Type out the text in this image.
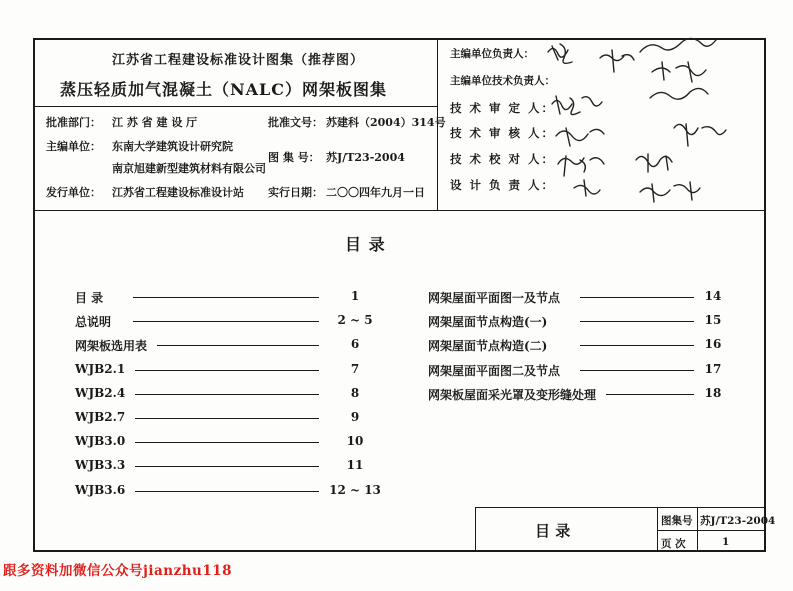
江苏省工程建设标准设计图集（推荐图）
蒸压轻质加气混凝土（NALC）网架板图集
批准部门： 江 苏 省 建 设 厅	批准文号： 苏建科（2004）314号
主编单位： 东南大学建筑设计研究院
南京旭建新型建筑材料有限公司
图 集 号： 苏J/T23-2004
发行单位： 江苏省工程建设标准设计站 实行日期： 二〇〇四年九月一日
主编单位负责人：
主编单位技术负责人：
技 术 审 定 人：
技 术 审 核 人：
技 术 校 对 人：
设 计 负 责 人：
目 录
目 录	1
总说明	2 ~ 5
网架板选用表	6
WJB2.1	7
WJB2.4	8
WJB2.7	9
WJB3.0	10
WJB3.3	11
WJB3.6	12 ~ 13
网架屋面平面图一及节点	14
网架屋面节点构造(一)	15
网架屋面节点构造(二)	16
网架屋面平面图二及节点	17
网架板屋面采光罩及变形缝处理	18
目 录
图集号 苏J/T23-2004
页 次	1
跟多资料加微信公众号jianzhu118
